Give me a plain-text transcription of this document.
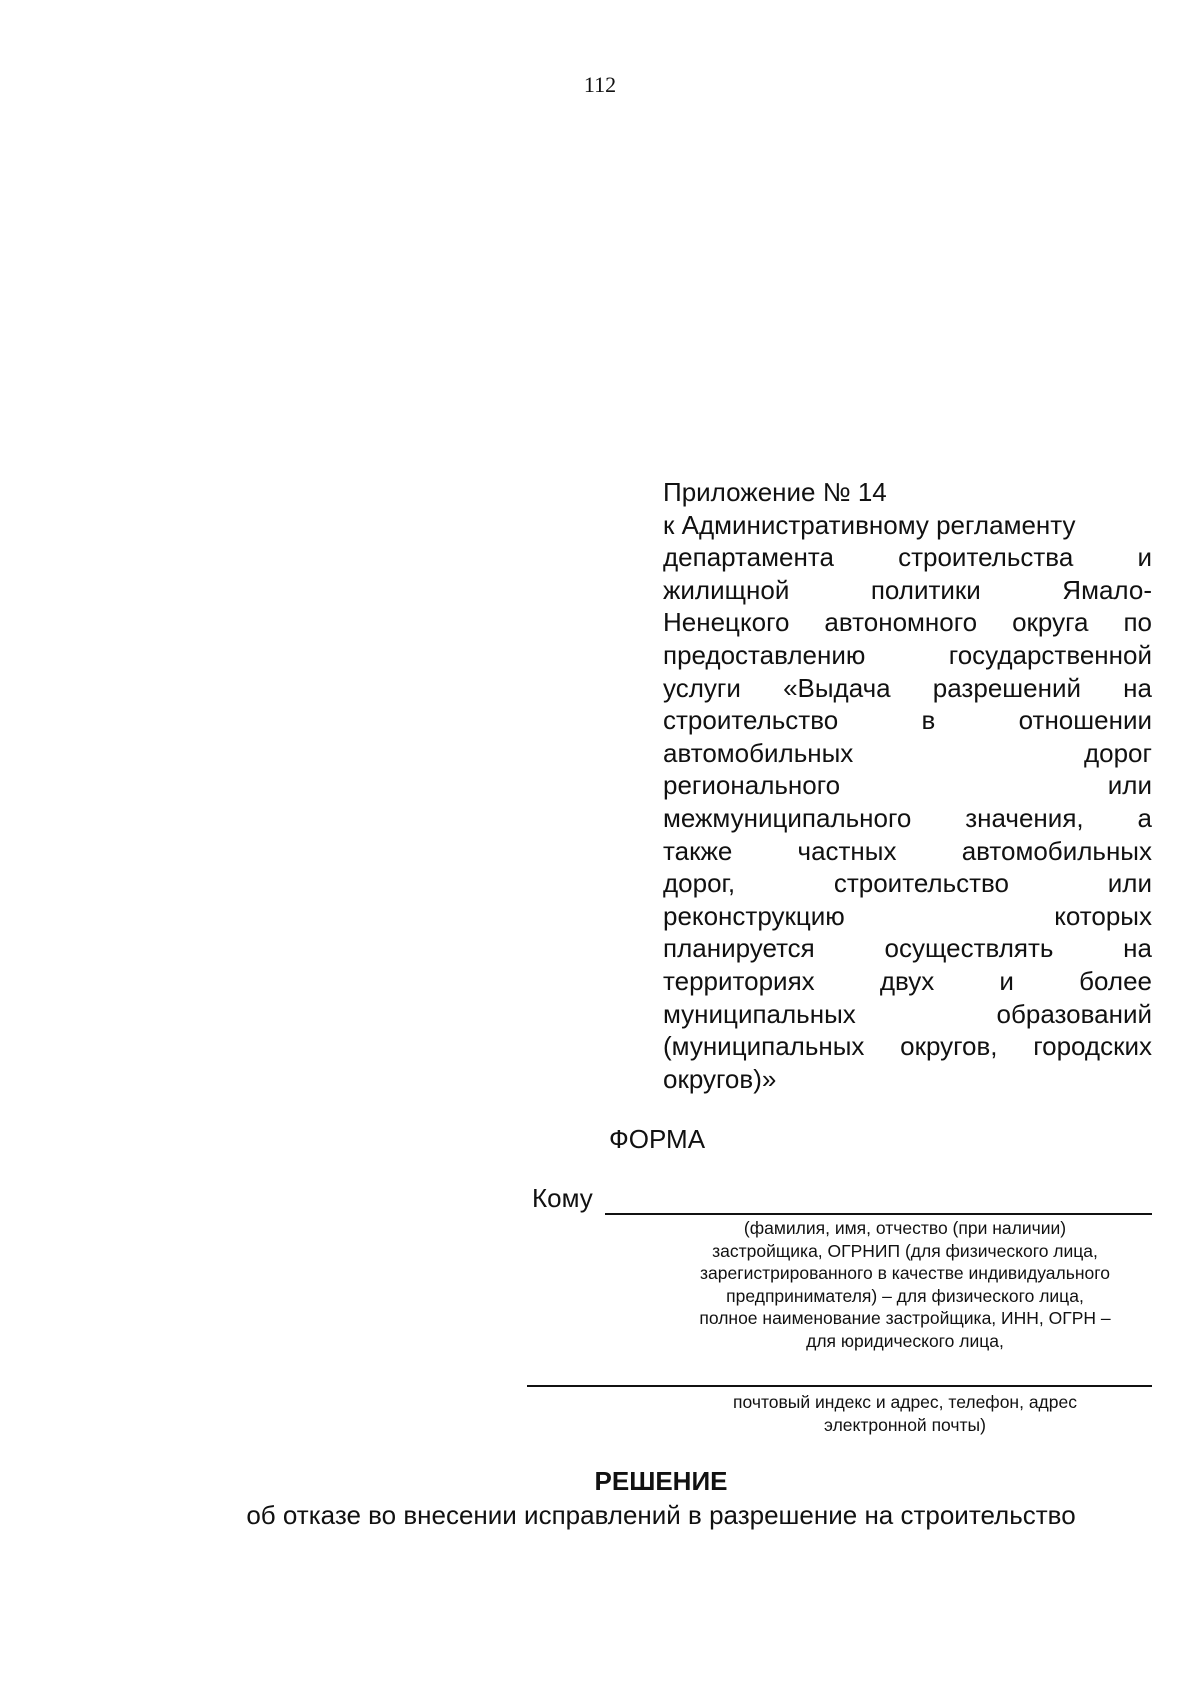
112
Приложение № 14
к Административному регламенту
департамента строительства и
жилищной политики Ямало-
Ненецкого автономного округа по
предоставлению государственной
услуги «Выдача разрешений на
строительство в отношении
автомобильных дорог
регионального или
межмуниципального значения, а
также частных автомобильных
дорог, строительство или
реконструкцию которых
планируется осуществлять на
территориях двух и более
муниципальных образований
(муниципальных округов, городских
округов)»
ФОРМА
Кому
(фамилия, имя, отчество (при наличии)
застройщика, ОГРНИП (для физического лица,
зарегистрированного в качестве индивидуального
предпринимателя) – для физического лица,
полное наименование застройщика, ИНН, ОГРН –
для юридического лица,
почтовый индекс и адрес, телефон, адрес
электронной почты)
РЕШЕНИЕ
об отказе во внесении исправлений в разрешение на строительство
